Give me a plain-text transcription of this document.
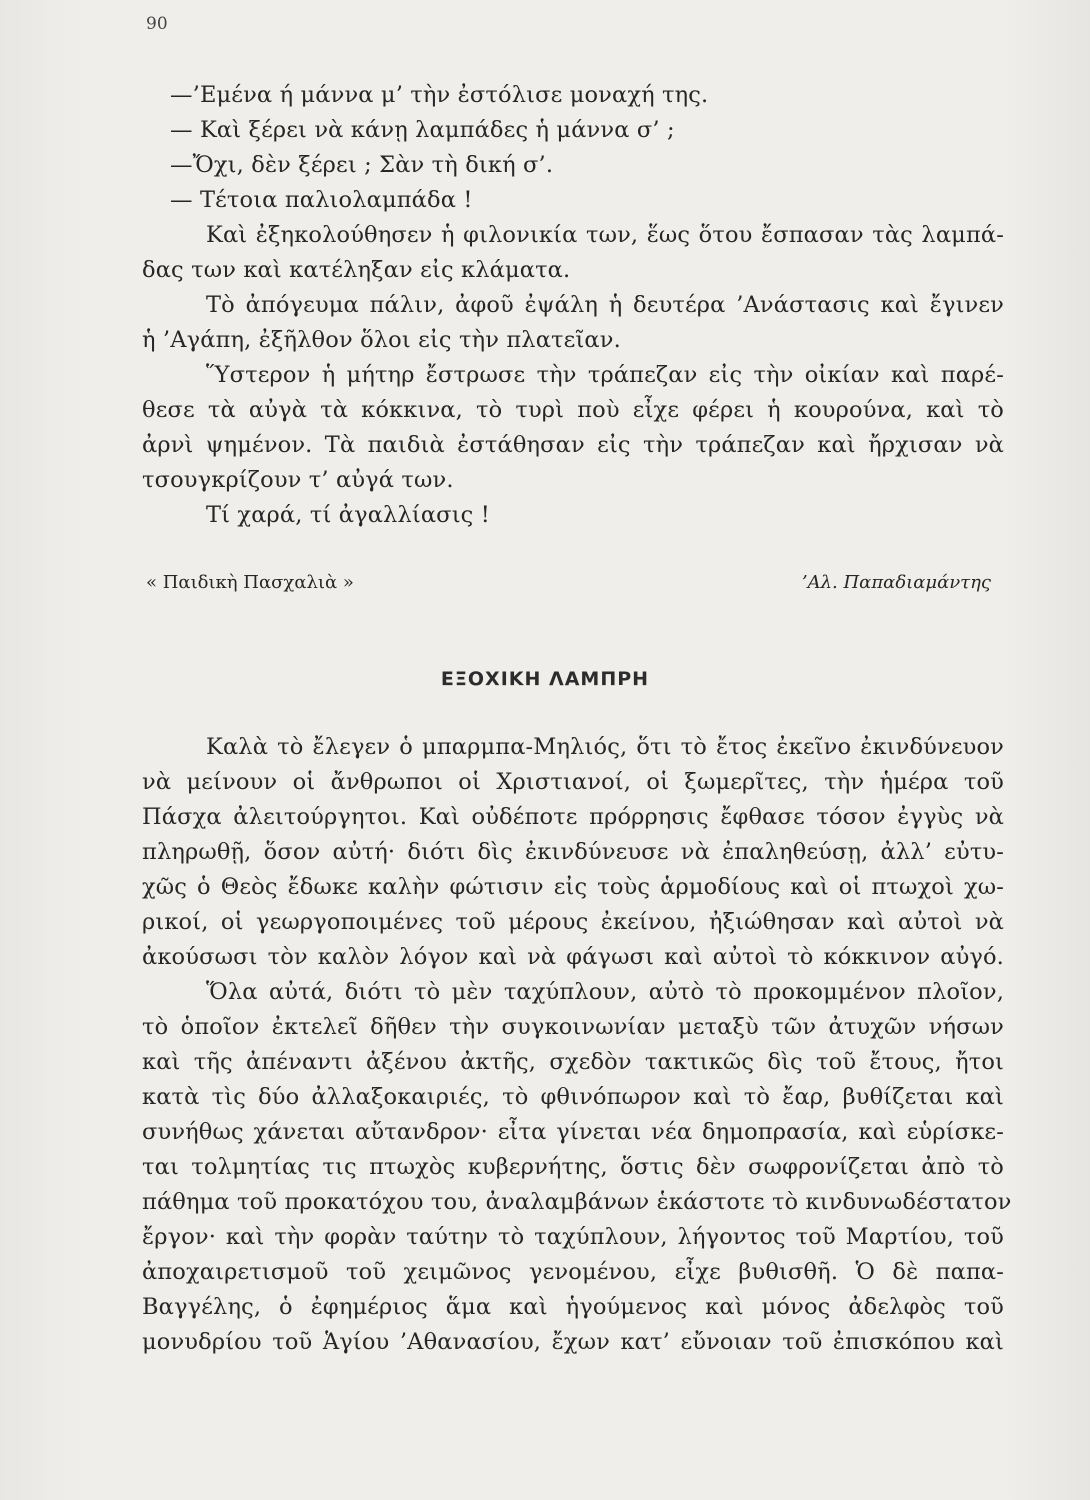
90
—’Εμένα ή μάννα μ’ τὴν ἐστόλισε μοναχή της.
— Καὶ ξέρει νὰ κάνῃ λαμπάδες ἡ μάννα σ’ ;
—Ὄχι, δὲν ξέρει ; Σὰν τὴ δική σ’.
— Τέτοια παλιολαμπάδα !
Καὶ ἐξηκολούθησεν ἡ φιλονικία των, ἕως ὅτου ἔσπασαν τὰς λαμπά-
δας των καὶ κατέληξαν εἰς κλάματα.
Τὸ ἀπόγευμα πάλιν, ἀφοῦ ἐψάλη ἡ δευτέρα ’Ανάστασις καὶ ἔγινεν
ἡ ’Αγάπη, ἐξῆλθον ὅλοι εἰς τὴν πλατεῖαν.
Ὕστερον ἡ μήτηρ ἔστρωσε τὴν τράπεζαν εἰς τὴν οἰκίαν καὶ παρέ-
θεσε τὰ αὐγὰ τὰ κόκκινα, τὸ τυρὶ ποὺ εἶχε φέρει ἡ κουρούνα, καὶ τὸ
ἀρνὶ ψημένον. Τὰ παιδιὰ ἐστάθησαν εἰς τὴν τράπεζαν καὶ ἤρχισαν νὰ
τσουγκρίζουν τ’ αὐγά των.
Τί χαρά, τί ἀγαλλίασις !
« Παιδικὴ Πασχαλιὰ »	’Αλ. Παπαδιαμάντης
ΕΞΟΧΙΚΗ ΛΑΜΠΡΗ
Καλὰ τὸ ἔλεγεν ὁ μπαρμπα-Μηλιός, ὅτι τὸ ἔτος ἐκεῖνο ἐκινδύνευον
νὰ μείνουν οἱ ἄνθρωποι οἱ Χριστιανοί, οἱ ξωμερῖτες, τὴν ἡμέρα τοῦ
Πάσχα ἀλειτούργητοι. Καὶ οὐδέποτε πρόρρησις ἔφθασε τόσον ἐγγὺς νὰ
πληρωθῇ, ὅσον αὐτή· διότι δὶς ἐκινδύνευσε νὰ ἐπαληθεύσῃ, ἀλλ’ εὐτυ-
χῶς ὁ Θεὸς ἔδωκε καλὴν φώτισιν εἰς τοὺς ἁρμοδίους καὶ οἱ πτωχοὶ χω-
ρικοί, οἱ γεωργοποιμένες τοῦ μέρους ἐκείνου, ἠξιώθησαν καὶ αὐτοὶ νὰ
ἀκούσωσι τὸν καλὸν λόγον καὶ νὰ φάγωσι καὶ αὐτοὶ τὸ κόκκινον αὐγό.
Ὅλα αὐτά, διότι τὸ μὲν ταχύπλουν, αὐτὸ τὸ προκομμένον πλοῖον,
τὸ ὁποῖον ἐκτελεῖ δῆθεν τὴν συγκοινωνίαν μεταξὺ τῶν ἀτυχῶν νήσων
καὶ τῆς ἀπέναντι ἀξένου ἀκτῆς, σχεδὸν τακτικῶς δὶς τοῦ ἔτους, ἤτοι
κατὰ τὶς δύο ἀλλαξοκαιριές, τὸ φθινόπωρον καὶ τὸ ἔαρ, βυθίζεται καὶ
συνήθως χάνεται αὔτανδρον· εἶτα γίνεται νέα δημοπρασία, καὶ εὑρίσκε-
ται τολμητίας τις πτωχὸς κυβερνήτης, ὅστις δὲν σωφρονίζεται ἀπὸ τὸ
πάθημα τοῦ προκατόχου του, ἀναλαμβάνων ἑκάστοτε τὸ κινδυνωδέστατον
ἔργον· καὶ τὴν φορὰν ταύτην τὸ ταχύπλουν, λήγοντος τοῦ Μαρτίου, τοῦ
ἀποχαιρετισμοῦ τοῦ χειμῶνος γενομένου, εἶχε βυθισθῆ. Ὁ δὲ παπα-
Βαγγέλης, ὁ ἐφημέριος ἅμα καὶ ἡγούμενος καὶ μόνος ἀδελφὸς τοῦ
μονυδρίου τοῦ Ἁγίου ’Αθανασίου, ἔχων κατ’ εὔνοιαν τοῦ ἐπισκόπου καὶ
